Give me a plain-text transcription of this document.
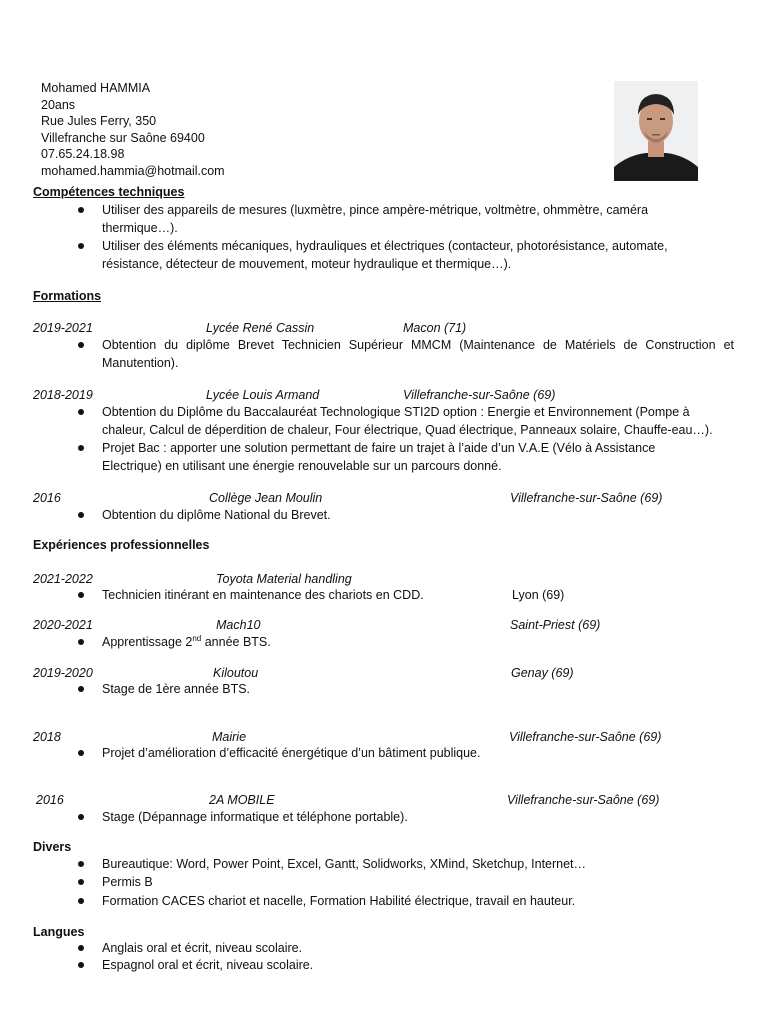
Mohamed HAMMIA
20ans
Rue Jules Ferry, 350
Villefranche sur Saône 69400
07.65.24.18.98
mohamed.hammia@hotmail.com
Compétences techniques
Utiliser des appareils de mesures (luxmètre, pince ampère-métrique, voltmètre, ohmmètre, caméra thermique…).
Utiliser des éléments mécaniques, hydrauliques et électriques (contacteur, photorésistance, automate, résistance, détecteur de mouvement, moteur hydraulique et thermique…).
Formations
2019-2021	Lycée René Cassin	Macon (71)
Obtention du diplôme Brevet Technicien Supérieur MMCM (Maintenance de Matériels de Construction et Manutention).
2018-2019	Lycée Louis Armand	Villefranche-sur-Saône (69)
Obtention du Diplôme du Baccalauréat Technologique STI2D option : Energie et Environnement (Pompe à chaleur, Calcul de déperdition de chaleur, Four électrique, Quad électrique, Panneaux solaire, Chauffe-eau…).
Projet Bac : apporter une solution permettant de faire un trajet à l’aide d’un V.A.E (Vélo à Assistance Electrique) en utilisant une énergie renouvelable sur un parcours donné.
2016	Collège Jean Moulin	Villefranche-sur-Saône (69)
Obtention du diplôme National du Brevet.
Expériences professionnelles
2021-2022	Toyota Material handling
Technicien itinérant en maintenance des chariots en CDD.	Lyon (69)
2020-2021	Mach10	Saint-Priest (69)
Apprentissage 2nd année BTS.
2019-2020	Kiloutou	Genay (69)
Stage de 1ère année BTS.
2018	Mairie	Villefranche-sur-Saône (69)
Projet d’amélioration d’efficacité énergétique d’un bâtiment publique.
2016	2A MOBILE	Villefranche-sur-Saône (69)
Stage (Dépannage informatique et téléphone portable).
Divers
Bureautique: Word, Power Point, Excel, Gantt, Solidworks, XMind, Sketchup, Internet…
Permis B
Formation CACES chariot et nacelle, Formation Habilité électrique, travail en hauteur.
Langues
Anglais oral et écrit, niveau scolaire.
Espagnol oral et écrit, niveau scolaire.
